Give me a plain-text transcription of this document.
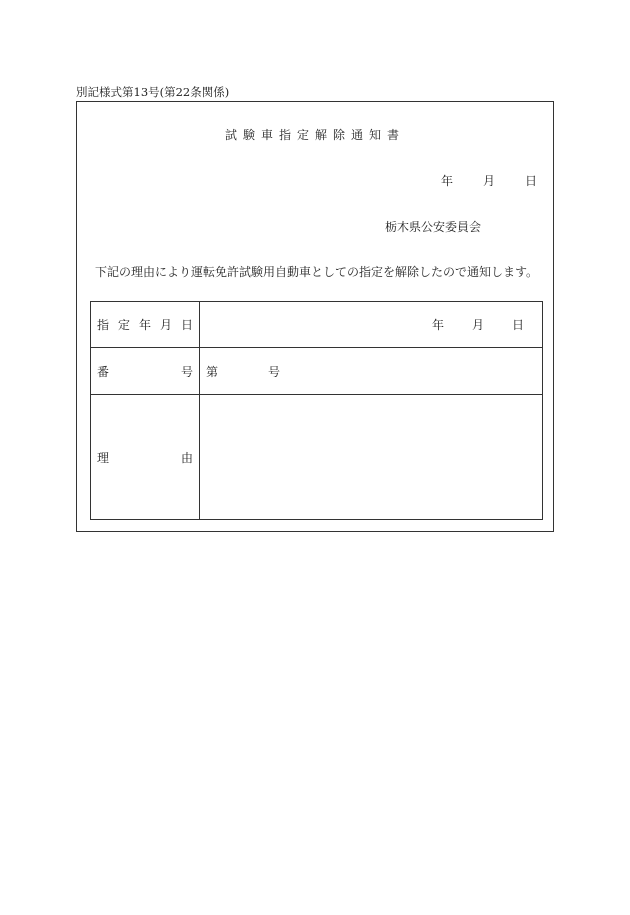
別記様式第13号(第22条関係)
試験車指定解除通知書
年	月	日
栃木県公安委員会
下記の理由により運転免許試験用自動車としての指定を解除したので通知します。
指 定 年 月 日	年 月 日

番 号	第 号

理 由	
